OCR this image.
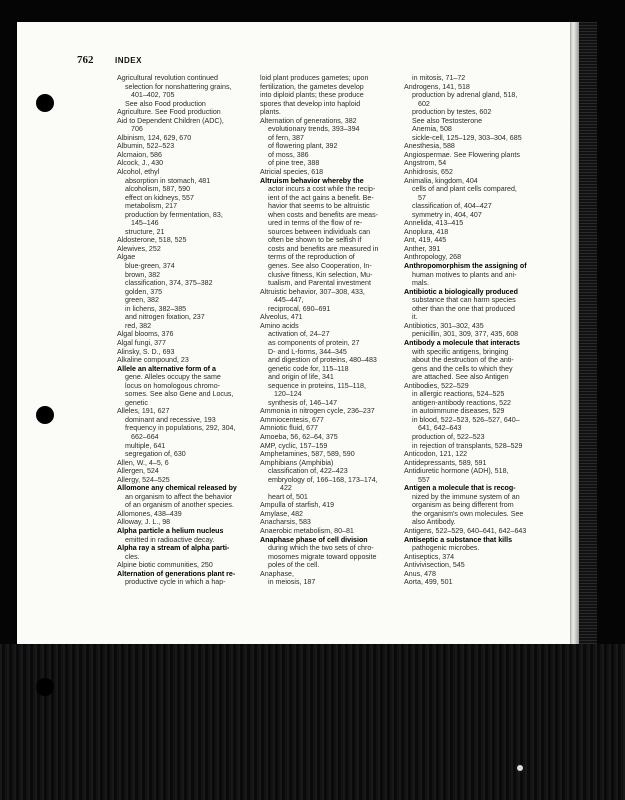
762	INDEX
Agricultural revolution continued
selection for nonshattering grains,
401–402, 705
See also Food production
Agriculture. See Food production
Aid to Dependent Children (ADC),
706
Albinism, 124, 629, 670
Albumin, 522–523
Alcmaion, 586
Alcock, J., 430
Alcohol, ethyl
absorption in stomach, 481
alcoholism, 587, 590
effect on kidneys, 557
metabolism, 217
production by fermentation, 83,
145–146
structure, 21
Aldosterone, 518, 525
Alewives, 252
Algae
blue-green, 374
brown, 382
classification, 374, 375–382
golden, 375
green, 382
in lichens, 382–385
and nitrogen fixation, 237
red, 382
Algal blooms, 376
Algal fungi, 377
Alinsky, S. D., 693
Alkaline compound, 23
Allele an alternative form of a
gene. Alleles occupy the same
locus on homologous chromo-
somes. See also Gene and Locus,
genetic
Alleles, 191, 627
dominant and recessive, 193
frequency in populations, 292, 304,
662–664
multiple, 641
segregation of, 630
Allen, W., 4–5, 6
Allergen, 524
Allergy, 524–525
Allomone any chemical released by
an organism to affect the behavior
of an organism of another species.
Allomones, 438–439
Alloway, J. L., 98
Alpha particle a helium nucleus
emitted in radioactive decay.
Alpha ray a stream of alpha parti-
cles.
Alpine biotic communities, 250
Alternation of generations plant re-
productive cycle in which a hap-
loid plant produces gametes; upon
fertilization, the gametes develop
into diploid plants; these produce
spores that develop into haploid
plants.
Alternation of generations, 382
evolutionary trends, 393–394
of fern, 387
of flowering plant, 392
of moss, 386
of pine tree, 388
Atricial species, 618
Altruism behavior whereby the
actor incurs a cost while the recip-
ient of the act gains a benefit. Be-
havior that seems to be altruistic
when costs and benefits are meas-
ured in terms of the flow of re-
sources between individuals can
often be shown to be selfish if
costs and benefits are measured in
terms of the reproduction of
genes. See also Cooperation, In-
clusive fitness, Kin selection, Mu-
tualism, and Parental investment
Altruistic behavior, 307–308, 433,
445–447,
reciprocal, 690–691
Alveolus, 471
Amino acids
activation of, 24–27
as components of protein, 27
D- and L-forms, 344–345
and digestion of proteins, 480–483
genetic code for, 115–118
and origin of life, 341
sequence in proteins, 115–118,
120–124
synthesis of, 146–147
Ammonia in nitrogen cycle, 236–237
Ammiocentesis, 677
Amniotic fluid, 677
Amoeba, 56, 62–64, 375
AMP, cyclic, 157–159
Amphetamines, 587, 589, 590
Amphibians (Amphibia)
classification of, 422–423
embryology of, 166–168, 173–174,
422
heart of, 501
Ampulla of starfish, 419
Amylase, 482
Anacharsis, 583
Anaerobic metabolism, 80–81
Anaphase phase of cell division
during which the two sets of chro-
mosomes migrate toward opposite
poles of the cell.
Anaphase,
in meiosis, 187
in mitosis, 71–72
Androgens, 141, 518
production by adrenal gland, 518,
602
production by testes, 602
See also Testosterone
Anemia, 508
sickle-cell, 125–129, 303–304, 685
Anesthesia, 588
Angiospermae. See Flowering plants
Angstrom, 54
Anhidrosis, 652
Animalia, kingdom, 404
cells of and plant cells compared,
57
classification of, 404–427
symmetry in, 404, 407
Annelida, 413–415
Anoplura, 418
Ant, 419, 445
Anther, 391
Anthropology, 268
Anthropomorphism the assigning of
human motives to plants and ani-
mals.
Antibiotic a biologically produced
substance that can harm species
other than the one that produced
it.
Antibiotics, 301–302, 435
penicillin, 301, 309, 377, 435, 608
Antibody a molecule that interacts
with specific antigens, bringing
about the destruction of the anti-
gens and the cells to which they
are attached. See also Antigen
Antibodies, 522–529
in allergic reactions, 524–525
antigen-antibody reactions, 522
in autoimmune diseases, 529
in blood, 522–523, 526–527, 640–
641, 642–643
production of, 522–523
in rejection of transplants, 528–529
Anticodon, 121, 122
Antidepressants, 589, 591
Antidiuretic hormone (ADH), 518,
557
Antigen a molecule that is recog-
nized by the immune system of an
organism as being different from
the organism's own molecules. See
also Antibody.
Antigens, 522–529, 640–641, 642–643
Antiseptic a substance that kills
pathogenic microbes.
Antiseptics, 374
Antivivisection, 545
Anus, 478
Aorta, 499, 501
